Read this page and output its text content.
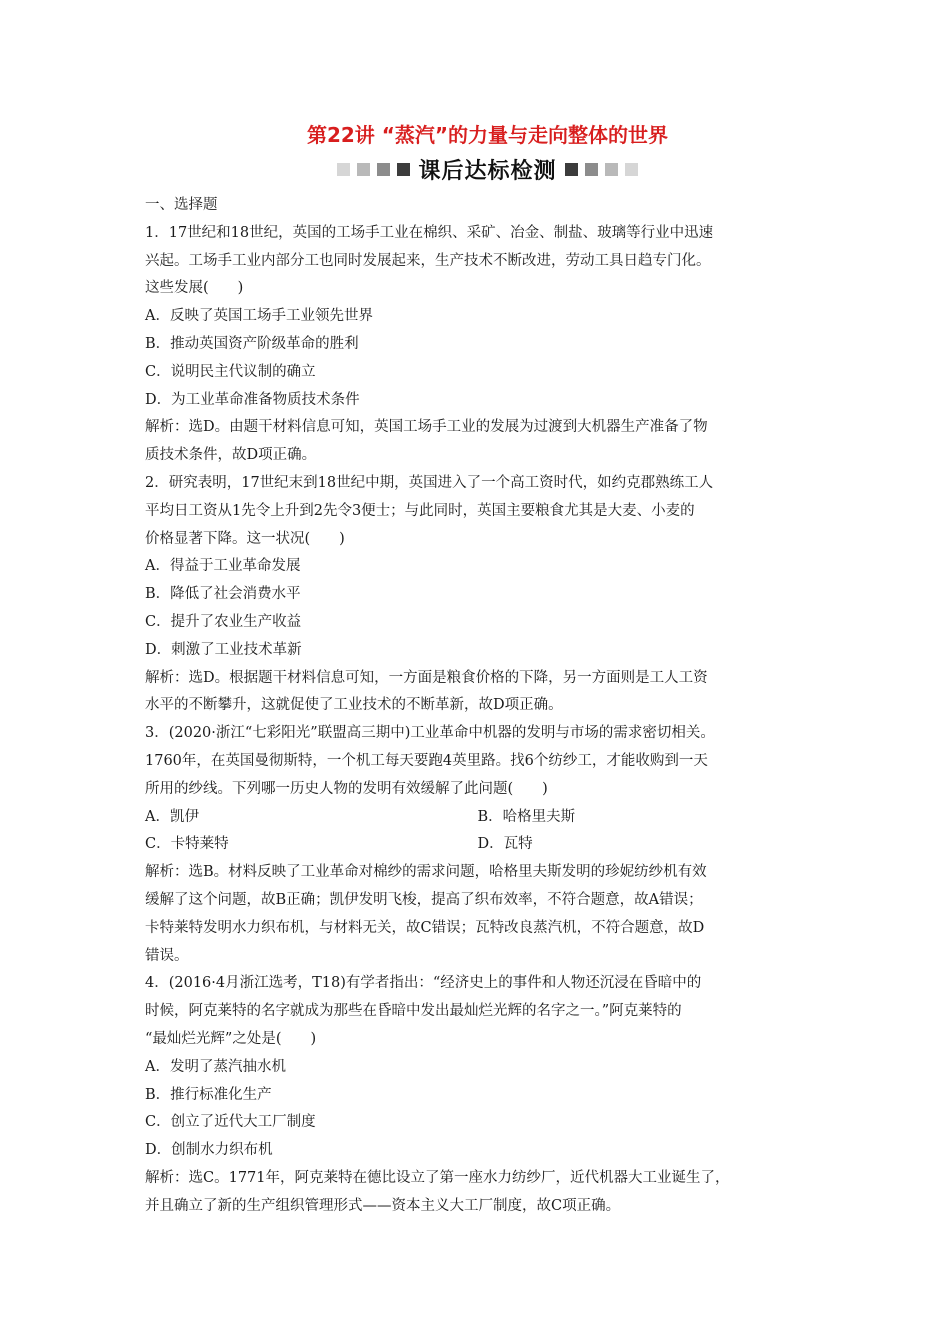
第22讲 “蒸汽”的力量与走向整体的世界
课后达标检测
一、选择题
1．17世纪和18世纪，英国的工场手工业在棉织、采矿、冶金、制盐、玻璃等行业中迅速
兴起。工场手工业内部分工也同时发展起来，生产技术不断改进，劳动工具日趋专门化。
这些发展(　　)
A．反映了英国工场手工业领先世界
B．推动英国资产阶级革命的胜利
C．说明民主代议制的确立
D．为工业革命准备物质技术条件
解析：选D。由题干材料信息可知，英国工场手工业的发展为过渡到大机器生产准备了物
质技术条件，故D项正确。
2．研究表明，17世纪末到18世纪中期，英国进入了一个高工资时代，如约克郡熟练工人
平均日工资从1先令上升到2先令3便士；与此同时，英国主要粮食尤其是大麦、小麦的
价格显著下降。这一状况(　　)
A．得益于工业革命发展
B．降低了社会消费水平
C．提升了农业生产收益
D．刺激了工业技术革新
解析：选D。根据题干材料信息可知，一方面是粮食价格的下降，另一方面则是工人工资
水平的不断攀升，这就促使了工业技术的不断革新，故D项正确。
3．(2020·浙江“七彩阳光”联盟高三期中)工业革命中机器的发明与市场的需求密切相关。
1760年，在英国曼彻斯特，一个机工每天要跑4英里路。找6个纺纱工，才能收购到一天
所用的纱线。下列哪一历史人物的发明有效缓解了此问题(　　)
A．凯伊	B．哈格里夫斯
C．卡特莱特	D．瓦特
解析：选B。材料反映了工业革命对棉纱的需求问题，哈格里夫斯发明的珍妮纺纱机有效
缓解了这个问题，故B正确；凯伊发明飞梭，提高了织布效率，不符合题意，故A错误；
卡特莱特发明水力织布机，与材料无关，故C错误；瓦特改良蒸汽机，不符合题意，故D
错误。
4．(2016·4月浙江选考，T18)有学者指出：“经济史上的事件和人物还沉浸在昏暗中的
时候，阿克莱特的名字就成为那些在昏暗中发出最灿烂光辉的名字之一。”阿克莱特的
“最灿烂光辉”之处是(　　)
A．发明了蒸汽抽水机
B．推行标准化生产
C．创立了近代大工厂制度
D．创制水力织布机
解析：选C。1771年，阿克莱特在德比设立了第一座水力纺纱厂，近代机器大工业诞生了，
并且确立了新的生产组织管理形式——资本主义大工厂制度，故C项正确。
